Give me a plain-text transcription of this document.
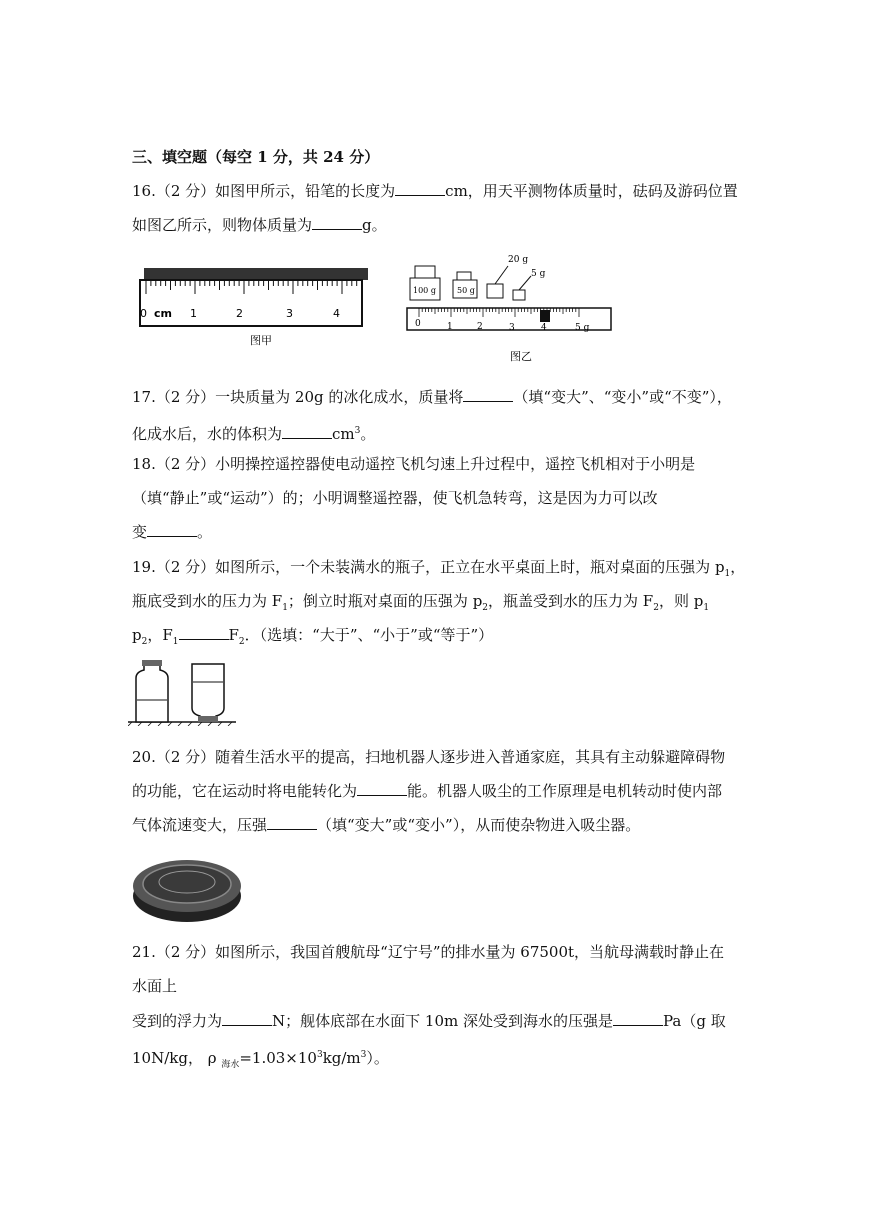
三、填空题（每空 1 分，共 24 分）
16.（2 分）如图甲所示，铅笔的长度为	cm，用天平测物体质量时，砝码及游码位置
如图乙所示，则物体质量为	g。
0 cm 1	2	3	4
图甲
100 g	50 g
20 g
5 g
0	1	2	3	4	5 g
图乙
17.（2 分）一块质量为 20g 的冰化成水，质量将	（填“变大”、“变小”或“不变”），
化成水后，水的体积为	$cm^3$。
18.（2 分）小明操控遥控器使电动遥控飞机匀速上升过程中，遥控飞机相对于小明是
（填“静止”或“运动”）的；小明调整遥控器，使飞机急转弯，这是因为力可以改
变	。
19.（2 分）如图所示，一个未装满水的瓶子，正立在水平桌面上时，瓶对桌面的压强为 $p_1$，
瓶底受到水的压力为 $F_1$；倒立时瓶对桌面的压强为 $p_2$，瓶盖受到水的压力为 $F_2$，则 $p_1$
$p_2$，$F_1$	$F_2$．（选填：“大于”、“小于”或“等于”）
20.（2 分）随着生活水平的提高，扫地机器人逐步进入普通家庭，其具有主动躲避障碍物
的功能，它在运动时将电能转化为	能。机器人吸尘的工作原理是电机转动时使内部
气体流速变大，压强	（填“变大”或“变小”），从而使杂物进入吸尘器。
21.（2 分）如图所示，我国首艘航母“辽宁号”的排水量为 67500t，当航母满载时静止在
水面上
受到的浮力为	N；舰体底部在水面下 10m 深处受到海水的压强是	Pa（g 取
10N/kg， ρ $_{海水}=1.03\times 10^3kg/m^3$）。
